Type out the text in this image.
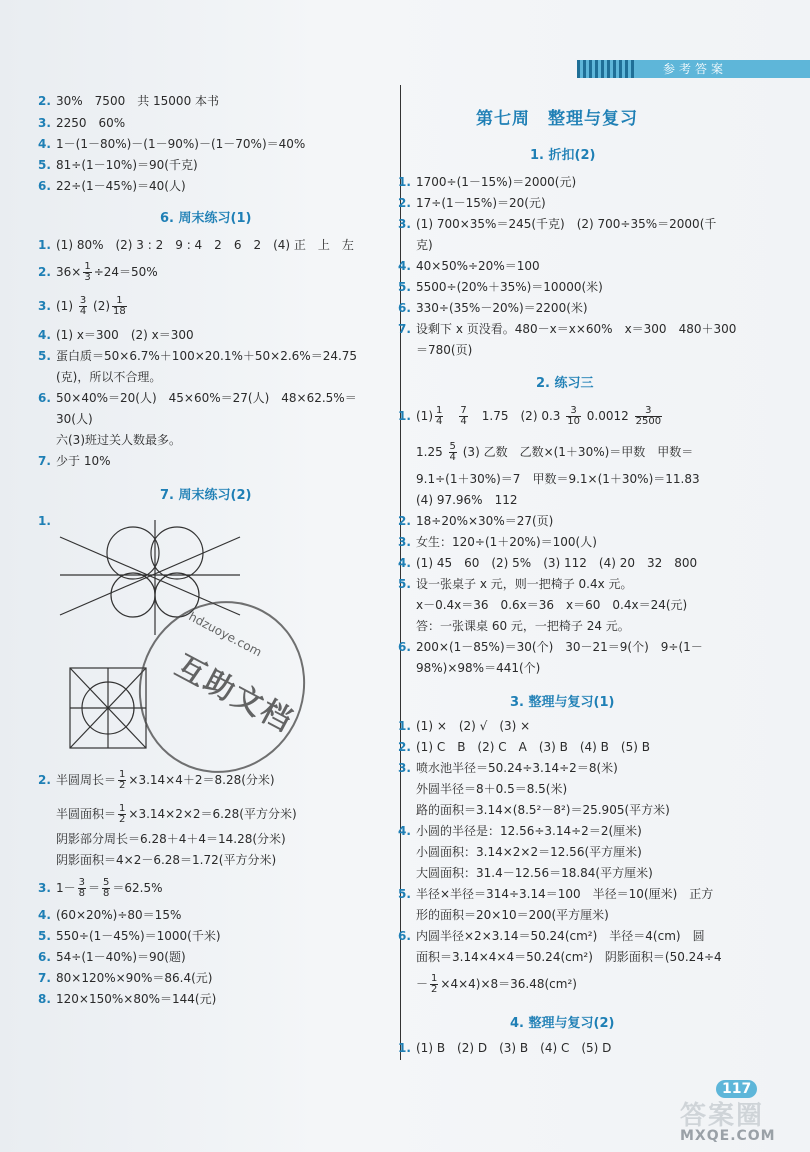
参考答案
2. 30%　7500　共 15000 本书
3. 2250　60%
4. 1－(1－80%)－(1－90%)－(1－70%)＝40%
5. 81÷(1－10%)＝90(千克)
6. 22÷(1－45%)＝40(人)
6. 周末练习(1)
1. (1) 80%　(2) 3 : 2　9 : 4　2　6　2　(4) 正　上　左
2. $36\times \frac{1}{3} \div 24=50\%$
3. $(1) \frac{3}{4} (2) \frac{1}{18}$
4. (1) x＝300　(2) x＝300
5. 蛋白质＝50×6.7%＋100×20.1%＋50×2.6%＝24.75
(克)，所以不合理。
6. 50×40%＝20(人)　45×60%＝27(人)　48×62.5%＝
30(人)
六(3)班过关人数最多。
7. 少于 10%
7. 周末练习(2)
1.
hdzuoye.com
互助文档
2. 半圆周长＝ $\frac{1}{2} \times 3.14\times 4+2=8.28$(分米)
半圆面积＝ $\frac{1}{2} \times 3.14\times 2\times 2=6.28$(平方分米)
阴影部分周长＝6.28＋4＋4＝14.28(分米)
阴影面积＝4×2－6.28＝1.72(平方分米)
3. $1- \frac{3}{8} = \frac{5}{8} =62.5\%$
4. (60×20%)÷80＝15%
5. 550÷(1－45%)＝1000(千米)
6. 54÷(1－40%)＝90(题)
7. 80×120%×90%＝86.4(元)
8. 120×150%×80%＝144(元)
第七周　整理与复习
1. 折扣(2)
1. 1700÷(1－15%)＝2000(元)
2. 17÷(1－15%)＝20(元)
3. (1) 700×35%＝245(千克)　(2) 700÷35%＝2000(千
克)
4. 40×50%÷20%＝100
5. 5500÷(20%＋35%)＝10000(米)
6. 330÷(35%－20%)＝2200(米)
7. 设剩下 x 页没看。480－x＝x×60%　x＝300　480＋300
＝780(页)
2. 练习三
1. $(1) \frac{1}{4}$
　 $\frac{7}{4}$
　 1.75　(2) $0.3 \frac{3}{10} 0.0012 \frac{3}{2500}$
$1.25 \frac{5}{4} (3)$ 乙数　乙数×(1＋30%)＝甲数　甲数＝
9.1÷(1＋30%)＝7　甲数＝9.1×(1＋30%)＝11.83
(4) 97.96%　112
2. 18÷20%×30%＝27(页)
3. 女生：120÷(1＋20%)＝100(人)
4. (1) 45　60　(2) 5%　(3) 112　(4) 20　32　800
5. 设一张桌子 x 元，则一把椅子 0.4x 元。
x－0.4x＝36　0.6x＝36　x＝60　0.4x＝24(元)
答：一张课桌 60 元，一把椅子 24 元。
6. 200×(1－85%)＝30(个)　30－21＝9(个)　9÷(1－
98%)×98%＝441(个)
3. 整理与复习(1)
1. (1) ×　(2) √　(3) ×
2. (1) C　B　(2) C　A　(3) B　(4) B　(5) B
3. 喷水池半径＝50.24÷3.14÷2＝8(米)
外圆半径＝8＋0.5＝8.5(米)
路的面积＝3.14×(8.5²－8²)＝25.905(平方米)
4. 小圆的半径是：12.56÷3.14÷2＝2(厘米)
小圆面积：3.14×2×2＝12.56(平方厘米)
大圆面积：31.4－12.56＝18.84(平方厘米)
5. 半径×半径＝314÷3.14＝100　半径＝10(厘米)　正方
形的面积＝20×10＝200(平方厘米)
6. 内圆半径×2×3.14＝50.24(cm²)　半径＝4(cm)　圆
面积＝3.14×4×4＝50.24(cm²)　阴影面积＝(50.24÷4
－ $\frac{1}{2} \times 4\times 4)\times 8=36.48(cm^2)$
4. 整理与复习(2)
1. (1) B　(2) D　(3) B　(4) C　(5) D
117
答案圈
MXQE.COM
